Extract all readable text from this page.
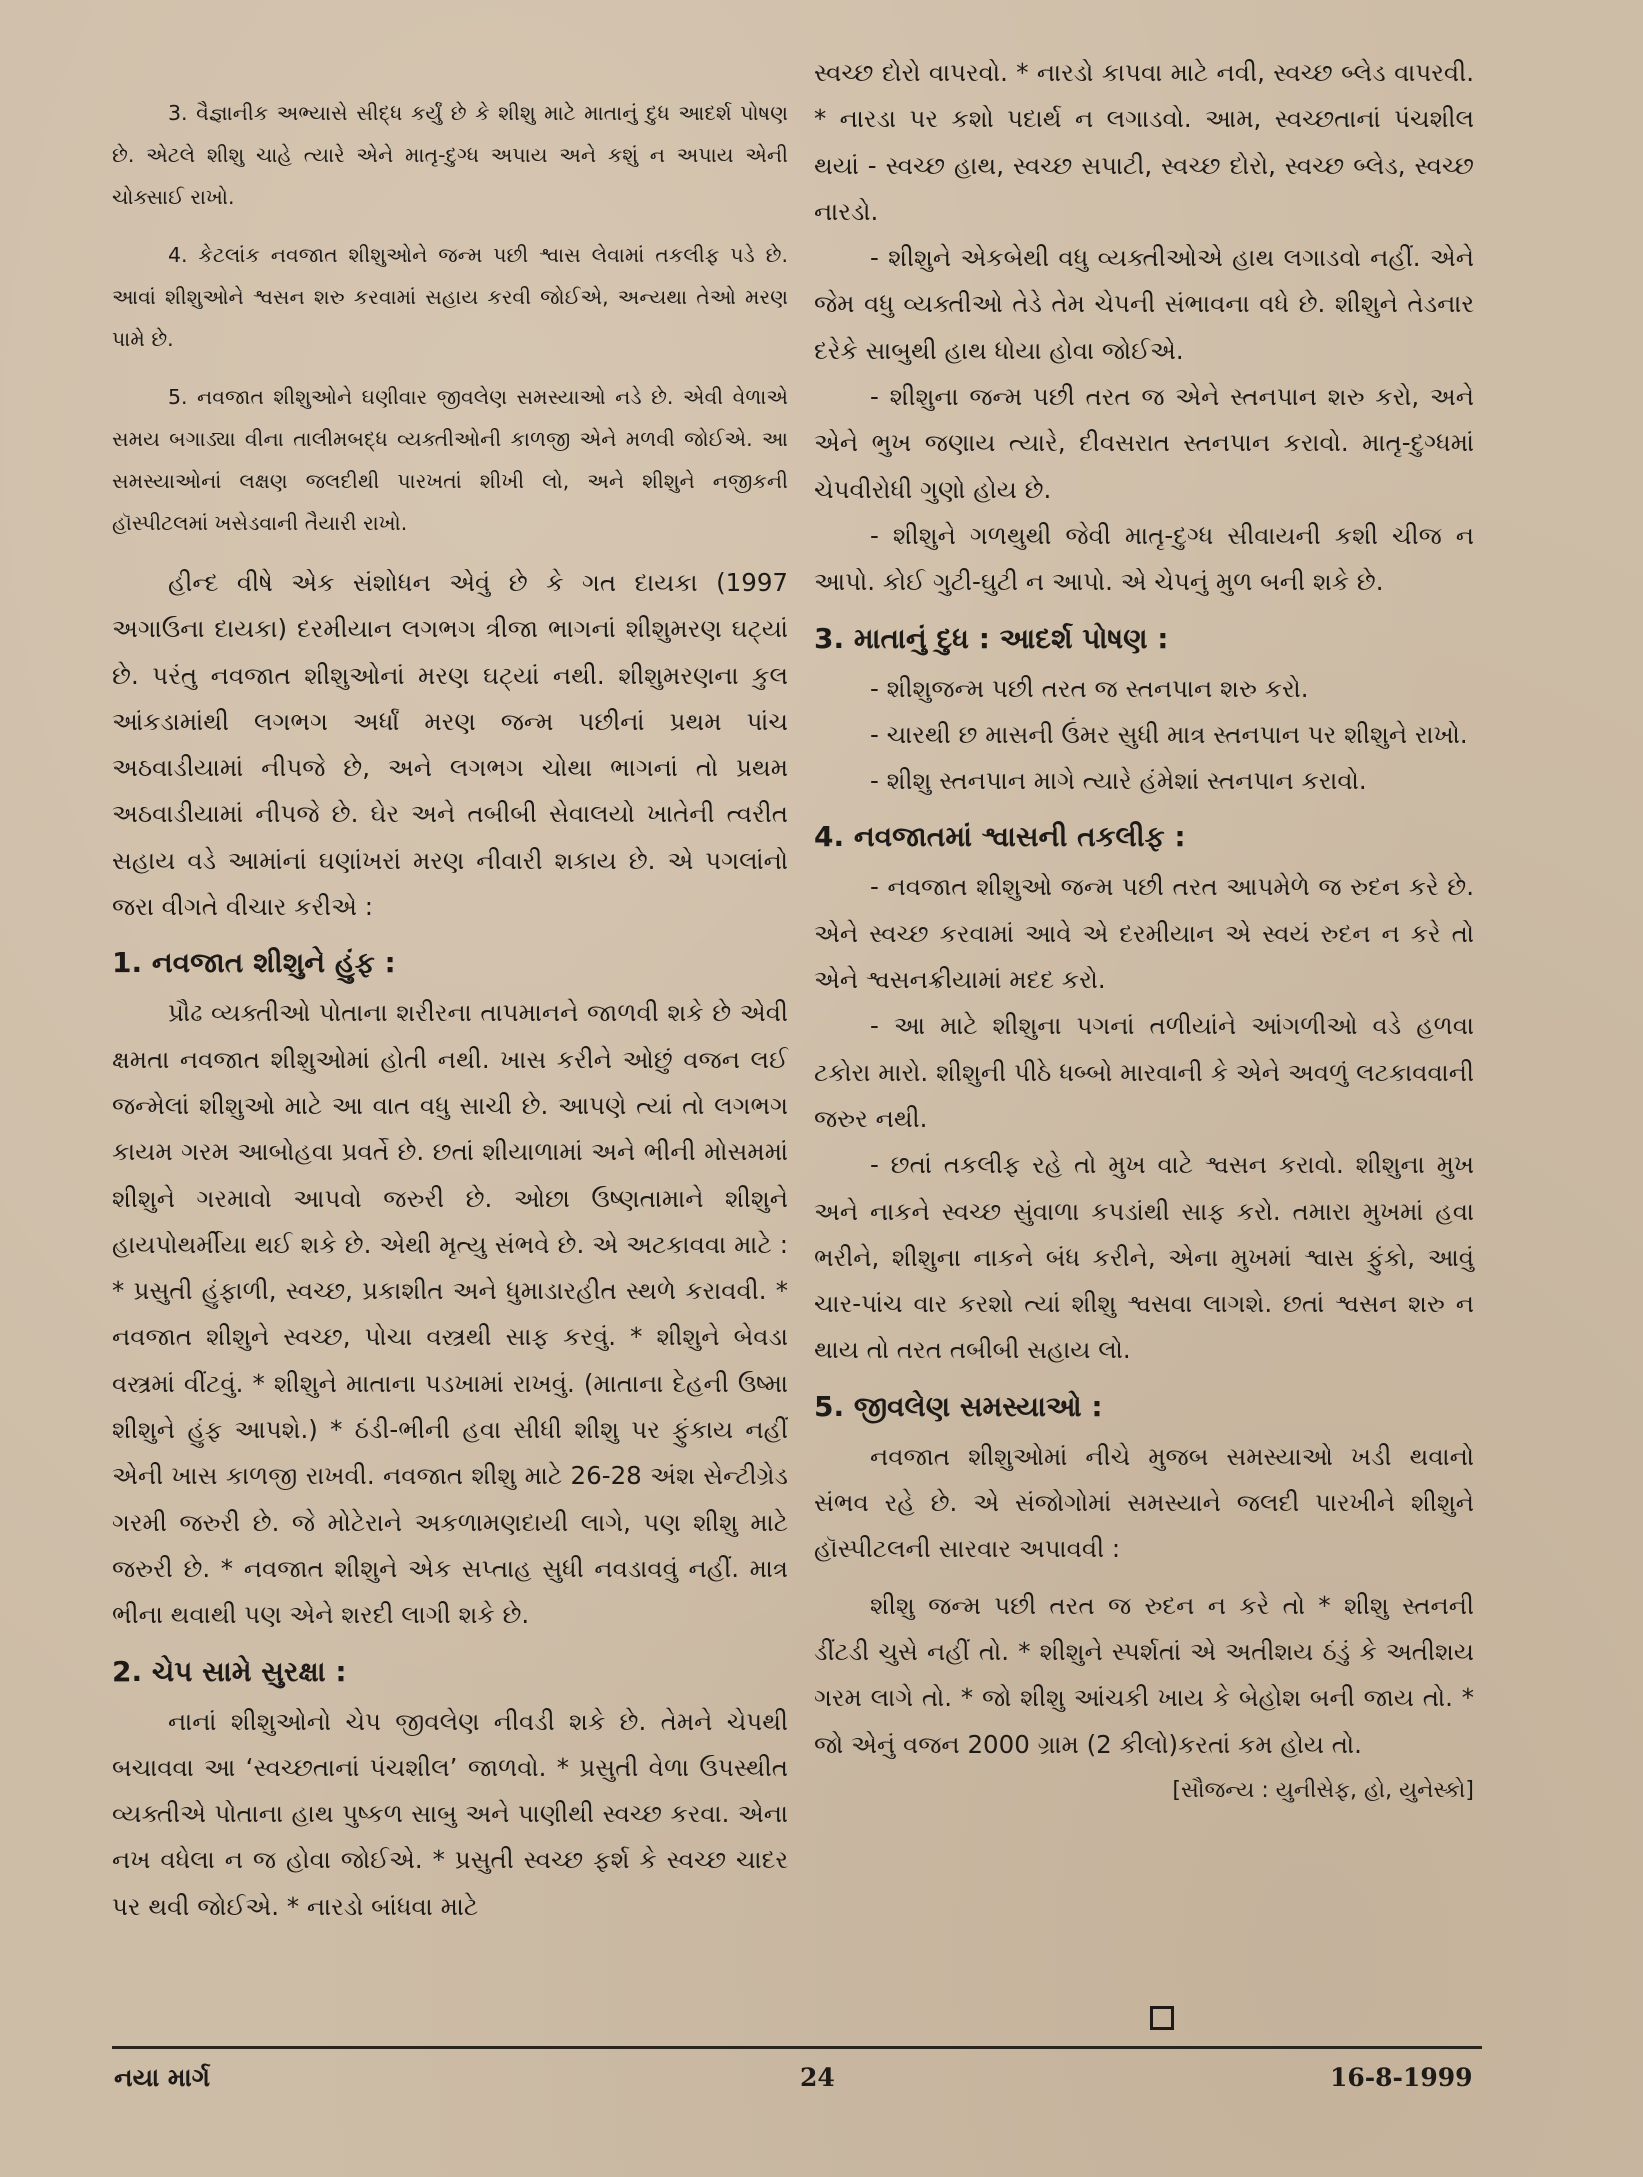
3. વૈજ્ઞાનીક અભ્યાસે સીદ્ધ કર્યું છે કે શીશુ માટે માતાનું દુધ આદર્શ પોષણ છે. એટલે શીશુ ચાહે ત્યારે એને માતૃ-દુગ્ધ અપાય અને કશું ન અપાય એની ચોક્સાઈ રાખો.

4. કેટલાંક નવજાત શીશુઓને જન્મ પછી શ્વાસ લેવામાં તકલીફ પડે છે. આવાં શીશુઓને શ્વસન શરુ કરવામાં સહાય કરવી જોઈએ, અન્યથા તેઓ મરણ પામે છે.

5. નવજાત શીશુઓને ઘણીવાર જીવલેણ સમસ્યાઓ નડે છે. એવી વેળાએ સમય બગાડ્યા વીના તાલીમબદ્ધ વ્યક્તીઓની કાળજી એને મળવી જોઈએ. આ સમસ્યાઓનાં લક્ષણ જલદીથી પારખતાં શીખી લો, અને શીશુને નજીકની હૉસ્પીટલમાં ખસેડવાની તૈયારી રાખો.

હીન્દ વીષે એક સંશોધન એવું છે કે ગત દાયકા (1997 અગાઉના દાયકા) દરમીયાન લગભગ ત્રીજા ભાગનાં શીશુમરણ ઘટ્યાં છે. પરંતુ નવજાત શીશુઓનાં મરણ ઘટ્યાં નથી. શીશુમરણના કુલ આંકડામાંથી લગભગ અર્ધાં મરણ જન્મ પછીનાં પ્રથમ પાંચ અઠવાડીયામાં નીપજે છે, અને લગભગ ચોથા ભાગનાં તો પ્રથમ અઠવાડીયામાં નીપજે છે. ઘેર અને તબીબી સેવાલયો ખાતેની ત્વરીત સહાય વડે આમાંનાં ઘણાંખરાં મરણ નીવારી શકાય છે. એ પગલાંનો જરા વીગતે વીચાર કરીએ :

1. નવજાત શીશુને હુંફ :

પ્રૌઢ વ્યક્તીઓ પોતાના શરીરના તાપમાનને જાળવી શકે છે એવી ક્ષમતા નવજાત શીશુઓમાં હોતી નથી. ખાસ કરીને ઓછું વજન લઈ જન્મેલાં શીશુઓ માટે આ વાત વધુ સાચી છે. આપણે ત્યાં તો લગભગ કાયમ ગરમ આબોહવા પ્રવર્તે છે. છતાં શીયાળામાં અને ભીની મોસમમાં શીશુને ગરમાવો આપવો જરુરી છે. ઓછા ઉષ્ણતામાને શીશુને હાયપોથર્મીયા થઈ શકે છે. એથી મૃત્યુ સંભવે છે. એ અટકાવવા માટે : * પ્રસુતી હુંફાળી, સ્વચ્છ, પ્રકાશીત અને ધુમાડારહીત સ્થળે કરાવવી. * નવજાત શીશુને સ્વચ્છ, પોચા વસ્ત્રથી સાફ કરવું. * શીશુને બેવડા વસ્ત્રમાં વીંટવું. * શીશુને માતાના પડખામાં રાખવું. (માતાના દેહની ઉષ્મા શીશુને હુંફ આપશે.) * ઠંડી-ભીની હવા સીધી શીશુ પર ફુંકાય નહીં એની ખાસ કાળજી રાખવી. નવજાત શીશુ માટે 26-28 અંશ સેન્ટીગ્રેડ ગરમી જરુરી છે. જે મોટેરાને અકળામણદાયી લાગે, પણ શીશુ માટે જરુરી છે. * નવજાત શીશુને એક સપ્તાહ સુધી નવડાવવું નહીં. માત્ર ભીના થવાથી પણ એને શરદી લાગી શકે છે.

2. ચેપ સામે સુરક્ષા :

નાનાં શીશુઓનો ચેપ જીવલેણ નીવડી શકે છે. તેમને ચેપથી બચાવવા આ ‘સ્વચ્છતાનાં પંચશીલ’ જાળવો. * પ્રસુતી વેળા ઉપસ્થીત વ્યક્તીએ પોતાના હાથ પુષ્કળ સાબુ અને પાણીથી સ્વચ્છ કરવા. એના નખ વધેલા ન જ હોવા જોઈએ. * પ્રસુતી સ્વચ્છ ફર્શ કે સ્વચ્છ ચાદર પર થવી જોઈએ. * નારડો બાંધવા માટે

સ્વચ્છ દોરો વાપરવો. * નારડો કાપવા માટે નવી, સ્વચ્છ બ્લેડ વાપરવી. * નારડા પર કશો પદાર્થ ન લગાડવો. આમ, સ્વચ્છતાનાં પંચશીલ થયાં - સ્વચ્છ હાથ, સ્વચ્છ સપાટી, સ્વચ્છ દોરો, સ્વચ્છ બ્લેડ, સ્વચ્છ નારડો.

- શીશુને એકબેથી વધુ વ્યક્તીઓએ હાથ લગાડવો નહીં. એને જેમ વધુ વ્યક્તીઓ તેડે તેમ ચેપની સંભાવના વધે છે. શીશુને તેડનાર દરેકે સાબુથી હાથ ધોયા હોવા જોઈએ.

- શીશુના જન્મ પછી તરત જ એને સ્તનપાન શરુ કરો, અને એને ભુખ જણાય ત્યારે, દીવસરાત સ્તનપાન કરાવો. માતૃ-દુગ્ધમાં ચેપવીરોધી ગુણો હોય છે.

- શીશુને ગળથુથી જેવી માતૃ-દુગ્ધ સીવાયની કશી ચીજ ન આપો. કોઈ ગુટી-ઘુટી ન આપો. એ ચેપનું મુળ બની શકે છે.

3. માતાનું દુધ : આદર્શ પોષણ :

- શીશુજન્મ પછી તરત જ સ્તનપાન શરુ કરો.

- ચારથી છ માસની ઉંમર સુધી માત્ર સ્તનપાન પર શીશુને રાખો.

- શીશુ સ્તનપાન માગે ત્યારે હંમેશાં સ્તનપાન કરાવો.

4. નવજાતમાં શ્વાસની તકલીફ :

- નવજાત શીશુઓ જન્મ પછી તરત આપમેળે જ રુદન કરે છે. એને સ્વચ્છ કરવામાં આવે એ દરમીયાન એ સ્વયં રુદન ન કરે તો એને શ્વસનક્રીયામાં મદદ કરો.

- આ માટે શીશુના પગનાં તળીયાંને આંગળીઓ વડે હળવા ટકોરા મારો. શીશુની પીઠે ધબ્બો મારવાની કે એને અવળું લટકાવવાની જરુર નથી.

- છતાં તકલીફ રહે તો મુખ વાટે શ્વસન કરાવો. શીશુના મુખ અને નાકને સ્વચ્છ સુંવાળા કપડાંથી સાફ કરો. તમારા મુખમાં હવા ભરીને, શીશુના નાકને બંધ કરીને, એના મુખમાં શ્વાસ ફુંકો, આવું ચાર-પાંચ વાર કરશો ત્યાં શીશુ શ્વસવા લાગશે. છતાં શ્વસન શરુ ન થાય તો તરત તબીબી સહાય લો.

5. જીવલેણ સમસ્યાઓ :

નવજાત શીશુઓમાં નીચે મુજબ સમસ્યાઓ ખડી થવાનો સંભવ રહે છે. એ સંજોગોમાં સમસ્યાને જલદી પારખીને શીશુને હૉસ્પીટલની સારવાર અપાવવી :

શીશુ જન્મ પછી તરત જ રુદન ન કરે તો * શીશુ સ્તનની ડીંટડી ચુસે નહીં તો. * શીશુને સ્પર્શતાં એ અતીશય ઠંડું કે અતીશય ગરમ લાગે તો. * જો શીશુ આંચકી ખાય કે બેહોશ બની જાય તો. * જો એનું વજન 2000 ગ્રામ (2 કીલો)કરતાં કમ હોય તો.

[સૌજન્ય : યુનીસેફ, હો, યુનેસ્કો]

નયા માર્ગ	24	16-8-1999
